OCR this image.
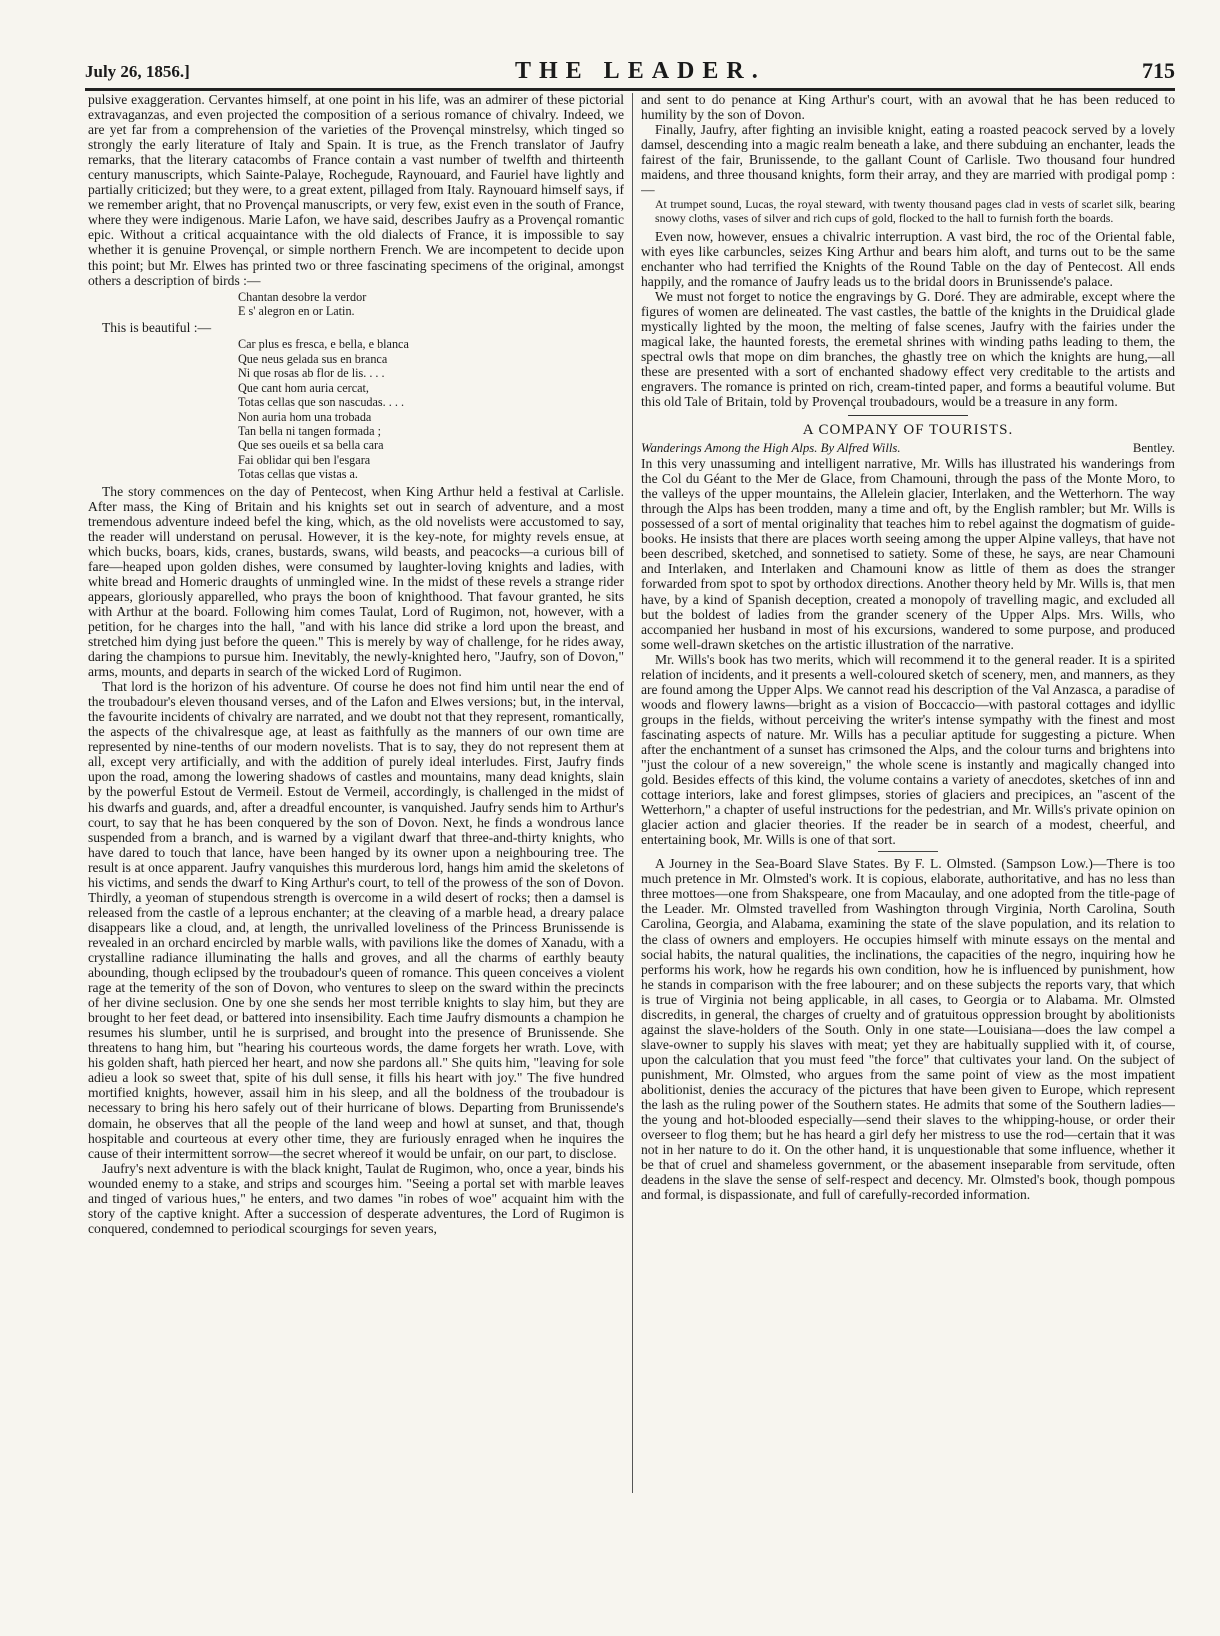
July 26, 1856.]	THE LEADER.	715

pulsive exaggeration. Cervantes himself, at one point in his life, was an admirer of these pictorial extravaganzas, and even projected the composition of a serious romance of chivalry. Indeed, we are yet far from a comprehension of the varieties of the Provençal minstrelsy, which tinged so strongly the early literature of Italy and Spain. It is true, as the French translator of Jaufry remarks, that the literary catacombs of France contain a vast number of twelfth and thirteenth century manuscripts, which Sainte-Palaye, Rochegude, Raynouard, and Fauriel have lightly and partially criticized; but they were, to a great extent, pillaged from Italy. Raynouard himself says, if we remember aright, that no Provençal manuscripts, or very few, exist even in the south of France, where they were indigenous. Marie Lafon, we have said, describes Jaufry as a Provençal romantic epic. Without a critical acquaintance with the old dialects of France, it is impossible to say whether it is genuine Provençal, or simple northern French. We are incompetent to decide upon this point; but Mr. Elwes has printed two or three fascinating specimens of the original, amongst others a description of birds :—

Chantan desobre la verdor
E s' alegron en or Latin.

This is beautiful :—

Car plus es fresca, e bella, e blanca
Que neus gelada sus en branca
Ni que rosas ab flor de lis. . . .
Que cant hom auria cercat,
Totas cellas que son nascudas. . . .
Non auria hom una trobada
Tan bella ni tangen formada ;
Que ses oueils et sa bella cara
Fai oblidar qui ben l'esgara
Totas cellas que vistas a.

The story commences on the day of Pentecost, when King Arthur held a festival at Carlisle. After mass, the King of Britain and his knights set out in search of adventure, and a most tremendous adventure indeed befel the king, which, as the old novelists were accustomed to say, the reader will understand on perusal. However, it is the key-note, for mighty revels ensue, at which bucks, boars, kids, cranes, bustards, swans, wild beasts, and peacocks—a curious bill of fare—heaped upon golden dishes, were consumed by laughter-loving knights and ladies, with white bread and Homeric draughts of unmingled wine. In the midst of these revels a strange rider appears, gloriously apparelled, who prays the boon of knighthood. That favour granted, he sits with Arthur at the board. Following him comes Taulat, Lord of Rugimon, not, however, with a petition, for he charges into the hall, "and with his lance did strike a lord upon the breast, and stretched him dying just before the queen." This is merely by way of challenge, for he rides away, daring the champions to pursue him. Inevitably, the newly-knighted hero, "Jaufry, son of Dovon," arms, mounts, and departs in search of the wicked Lord of Rugimon.

That lord is the horizon of his adventure. Of course he does not find him until near the end of the troubadour's eleven thousand verses, and of the Lafon and Elwes versions; but, in the interval, the favourite incidents of chivalry are narrated, and we doubt not that they represent, romantically, the aspects of the chivalresque age, at least as faithfully as the manners of our own time are represented by nine-tenths of our modern novelists. That is to say, they do not represent them at all, except very artificially, and with the addition of purely ideal interludes. First, Jaufry finds upon the road, among the lowering shadows of castles and mountains, many dead knights, slain by the powerful Estout de Vermeil. Estout de Vermeil, accordingly, is challenged in the midst of his dwarfs and guards, and, after a dreadful encounter, is vanquished. Jaufry sends him to Arthur's court, to say that he has been conquered by the son of Dovon. Next, he finds a wondrous lance suspended from a branch, and is warned by a vigilant dwarf that three-and-thirty knights, who have dared to touch that lance, have been hanged by its owner upon a neighbouring tree. The result is at once apparent. Jaufry vanquishes this murderous lord, hangs him amid the skeletons of his victims, and sends the dwarf to King Arthur's court, to tell of the prowess of the son of Dovon. Thirdly, a yeoman of stupendous strength is overcome in a wild desert of rocks; then a damsel is released from the castle of a leprous enchanter; at the cleaving of a marble head, a dreary palace disappears like a cloud, and, at length, the unrivalled loveliness of the Princess Brunissende is revealed in an orchard encircled by marble walls, with pavilions like the domes of Xanadu, with a crystalline radiance illuminating the halls and groves, and all the charms of earthly beauty abounding, though eclipsed by the troubadour's queen of romance. This queen conceives a violent rage at the temerity of the son of Dovon, who ventures to sleep on the sward within the precincts of her divine seclusion. One by one she sends her most terrible knights to slay him, but they are brought to her feet dead, or battered into insensibility. Each time Jaufry dismounts a champion he resumes his slumber, until he is surprised, and brought into the presence of Brunissende. She threatens to hang him, but "hearing his courteous words, the dame forgets her wrath. Love, with his golden shaft, hath pierced her heart, and now she pardons all." She quits him, "leaving for sole adieu a look so sweet that, spite of his dull sense, it fills his heart with joy." The five hundred mortified knights, however, assail him in his sleep, and all the boldness of the troubadour is necessary to bring his hero safely out of their hurricane of blows. Departing from Brunissende's domain, he observes that all the people of the land weep and howl at sunset, and that, though hospitable and courteous at every other time, they are furiously enraged when he inquires the cause of their intermittent sorrow—the secret whereof it would be unfair, on our part, to disclose.

Jaufry's next adventure is with the black knight, Taulat de Rugimon, who, once a year, binds his wounded enemy to a stake, and strips and scourges him. "Seeing a portal set with marble leaves and tinged of various hues," he enters, and two dames "in robes of woe" acquaint him with the story of the captive knight. After a succession of desperate adventures, the Lord of Rugimon is conquered, condemned to periodical scourgings for seven years,

and sent to do penance at King Arthur's court, with an avowal that he has been reduced to humility by the son of Dovon.

Finally, Jaufry, after fighting an invisible knight, eating a roasted peacock served by a lovely damsel, descending into a magic realm beneath a lake, and there subduing an enchanter, leads the fairest of the fair, Brunissende, to the gallant Count of Carlisle. Two thousand four hundred maidens, and three thousand knights, form their array, and they are married with prodigal pomp :—

At trumpet sound, Lucas, the royal steward, with twenty thousand pages clad in vests of scarlet silk, bearing snowy cloths, vases of silver and rich cups of gold, flocked to the hall to furnish forth the boards.

Even now, however, ensues a chivalric interruption. A vast bird, the roc of the Oriental fable, with eyes like carbuncles, seizes King Arthur and bears him aloft, and turns out to be the same enchanter who had terrified the Knights of the Round Table on the day of Pentecost. All ends happily, and the romance of Jaufry leads us to the bridal doors in Brunissende's palace.

We must not forget to notice the engravings by G. Doré. They are admirable, except where the figures of women are delineated. The vast castles, the battle of the knights in the Druidical glade mystically lighted by the moon, the melting of false scenes, Jaufry with the fairies under the magical lake, the haunted forests, the eremetal shrines with winding paths leading to them, the spectral owls that mope on dim branches, the ghastly tree on which the knights are hung,—all these are presented with a sort of enchanted shadowy effect very creditable to the artists and engravers. The romance is printed on rich, cream-tinted paper, and forms a beautiful volume. But this old Tale of Britain, told by Provençal troubadours, would be a treasure in any form.

A COMPANY OF TOURISTS.
Wanderings Among the High Alps. By Alfred Wills.	Bentley.

In this very unassuming and intelligent narrative, Mr. Wills has illustrated his wanderings from the Col du Géant to the Mer de Glace, from Chamouni, through the pass of the Monte Moro, to the valleys of the upper mountains, the Allelein glacier, Interlaken, and the Wetterhorn. The way through the Alps has been trodden, many a time and oft, by the English rambler; but Mr. Wills is possessed of a sort of mental originality that teaches him to rebel against the dogmatism of guide-books. He insists that there are places worth seeing among the upper Alpine valleys, that have not been described, sketched, and sonnetised to satiety. Some of these, he says, are near Chamouni and Interlaken, and Interlaken and Chamouni know as little of them as does the stranger forwarded from spot to spot by orthodox directions. Another theory held by Mr. Wills is, that men have, by a kind of Spanish deception, created a monopoly of travelling magic, and excluded all but the boldest of ladies from the grander scenery of the Upper Alps. Mrs. Wills, who accompanied her husband in most of his excursions, wandered to some purpose, and produced some well-drawn sketches on the artistic illustration of the narrative.

Mr. Wills's book has two merits, which will recommend it to the general reader. It is a spirited relation of incidents, and it presents a well-coloured sketch of scenery, men, and manners, as they are found among the Upper Alps. We cannot read his description of the Val Anzasca, a paradise of woods and flowery lawns—bright as a vision of Boccaccio—with pastoral cottages and idyllic groups in the fields, without perceiving the writer's intense sympathy with the finest and most fascinating aspects of nature. Mr. Wills has a peculiar aptitude for suggesting a picture. When after the enchantment of a sunset has crimsoned the Alps, and the colour turns and brightens into "just the colour of a new sovereign," the whole scene is instantly and magically changed into gold. Besides effects of this kind, the volume contains a variety of anecdotes, sketches of inn and cottage interiors, lake and forest glimpses, stories of glaciers and precipices, an "ascent of the Wetterhorn," a chapter of useful instructions for the pedestrian, and Mr. Wills's private opinion on glacier action and glacier theories. If the reader be in search of a modest, cheerful, and entertaining book, Mr. Wills is one of that sort.

A Journey in the Sea-Board Slave States. By F. L. Olmsted. (Sampson Low.)—There is too much pretence in Mr. Olmsted's work. It is copious, elaborate, authoritative, and has no less than three mottoes—one from Shakspeare, one from Macaulay, and one adopted from the title-page of the Leader. Mr. Olmsted travelled from Washington through Virginia, North Carolina, South Carolina, Georgia, and Alabama, examining the state of the slave population, and its relation to the class of owners and employers. He occupies himself with minute essays on the mental and social habits, the natural qualities, the inclinations, the capacities of the negro, inquiring how he performs his work, how he regards his own condition, how he is influenced by punishment, how he stands in comparison with the free labourer; and on these subjects the reports vary, that which is true of Virginia not being applicable, in all cases, to Georgia or to Alabama. Mr. Olmsted discredits, in general, the charges of cruelty and of gratuitous oppression brought by abolitionists against the slave-holders of the South. Only in one state—Louisiana—does the law compel a slave-owner to supply his slaves with meat; yet they are habitually supplied with it, of course, upon the calculation that you must feed "the force" that cultivates your land. On the subject of punishment, Mr. Olmsted, who argues from the same point of view as the most impatient abolitionist, denies the accuracy of the pictures that have been given to Europe, which represent the lash as the ruling power of the Southern states. He admits that some of the Southern ladies—the young and hot-blooded especially—send their slaves to the whipping-house, or order their overseer to flog them; but he has heard a girl defy her mistress to use the rod—certain that it was not in her nature to do it. On the other hand, it is unquestionable that some influence, whether it be that of cruel and shameless government, or the abasement inseparable from servitude, often deadens in the slave the sense of self-respect and decency. Mr. Olmsted's book, though pompous and formal, is dispassionate, and full of carefully-recorded information.
